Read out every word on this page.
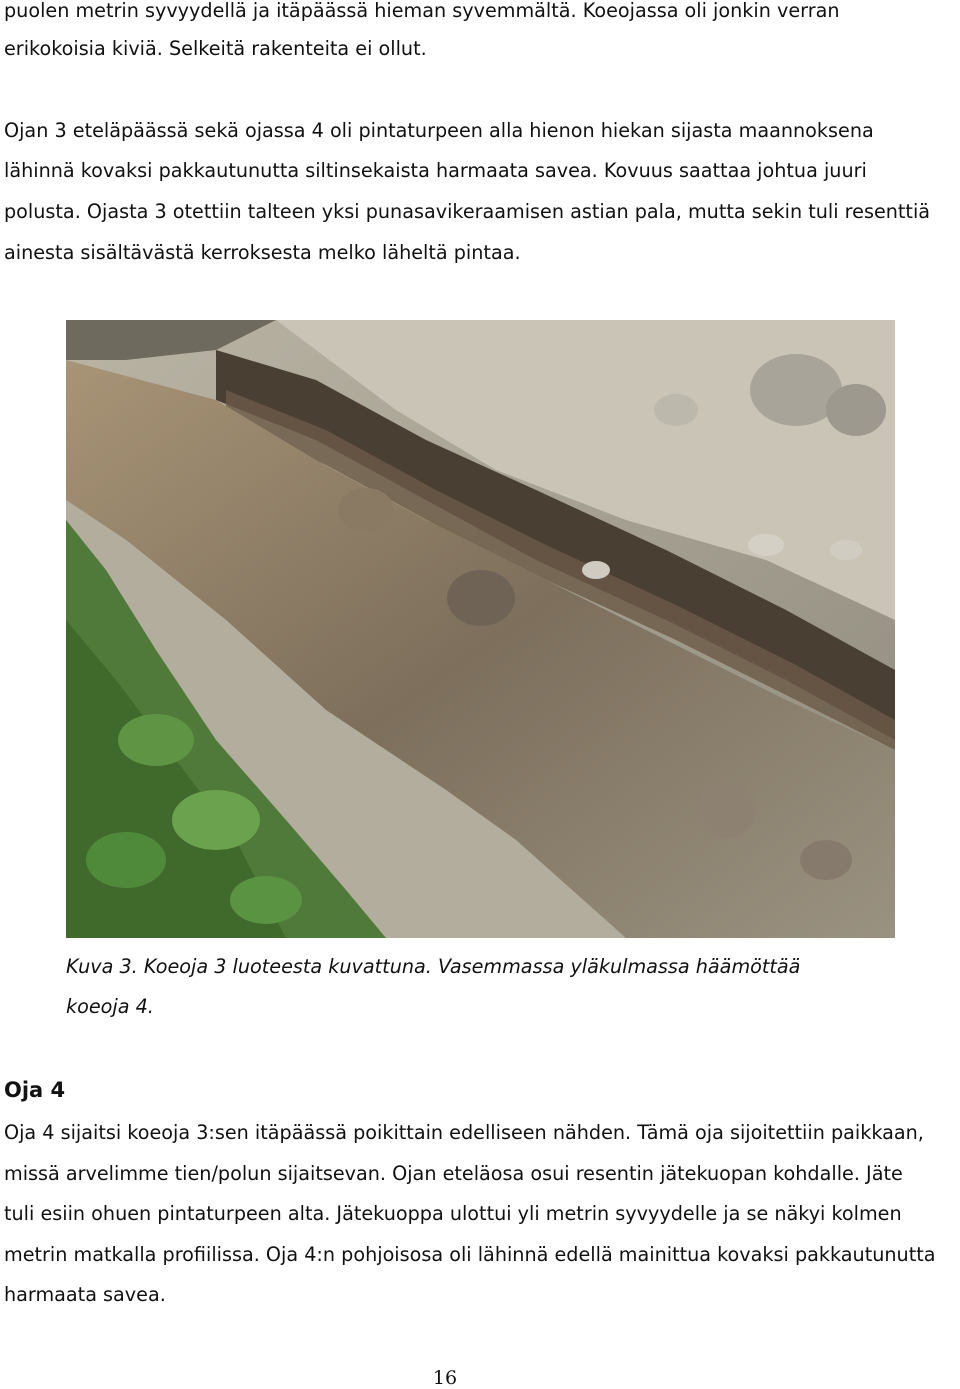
puolen metrin syvyydellä ja itäpäässä hieman syvemmältä. Koeojassa oli jonkin verran

erikokoisia kiviä. Selkeitä rakenteita ei ollut.

Ojan 3 eteläpäässä sekä ojassa 4 oli pintaturpeen alla hienon hiekan sijasta maannoksena

lähinnä kovaksi pakkautunutta siltinsekaista harmaata savea. Kovuus saattaa johtua juuri

polusta. Ojasta 3 otettiin talteen yksi punasavikeraamisen astian pala, mutta sekin tuli resenttiä

ainesta sisältävästä kerroksesta melko läheltä pintaa.

Kuva 3. Koeoja 3 luoteesta kuvattuna. Vasemmassa yläkulmassa häämöttää

koeoja 4.

Oja 4

Oja 4 sijaitsi koeoja 3:sen itäpäässä poikittain edelliseen nähden. Tämä oja sijoitettiin paikkaan,

missä arvelimme tien/polun sijaitsevan. Ojan eteläosa osui resentin jätekuopan kohdalle. Jäte

tuli esiin ohuen pintaturpeen alta. Jätekuoppa ulottui yli metrin syvyydelle ja se näkyi kolmen

metrin matkalla profiilissa. Oja 4:n pohjoisosa oli lähinnä edellä mainittua kovaksi pakkautunutta

harmaata savea.

16
